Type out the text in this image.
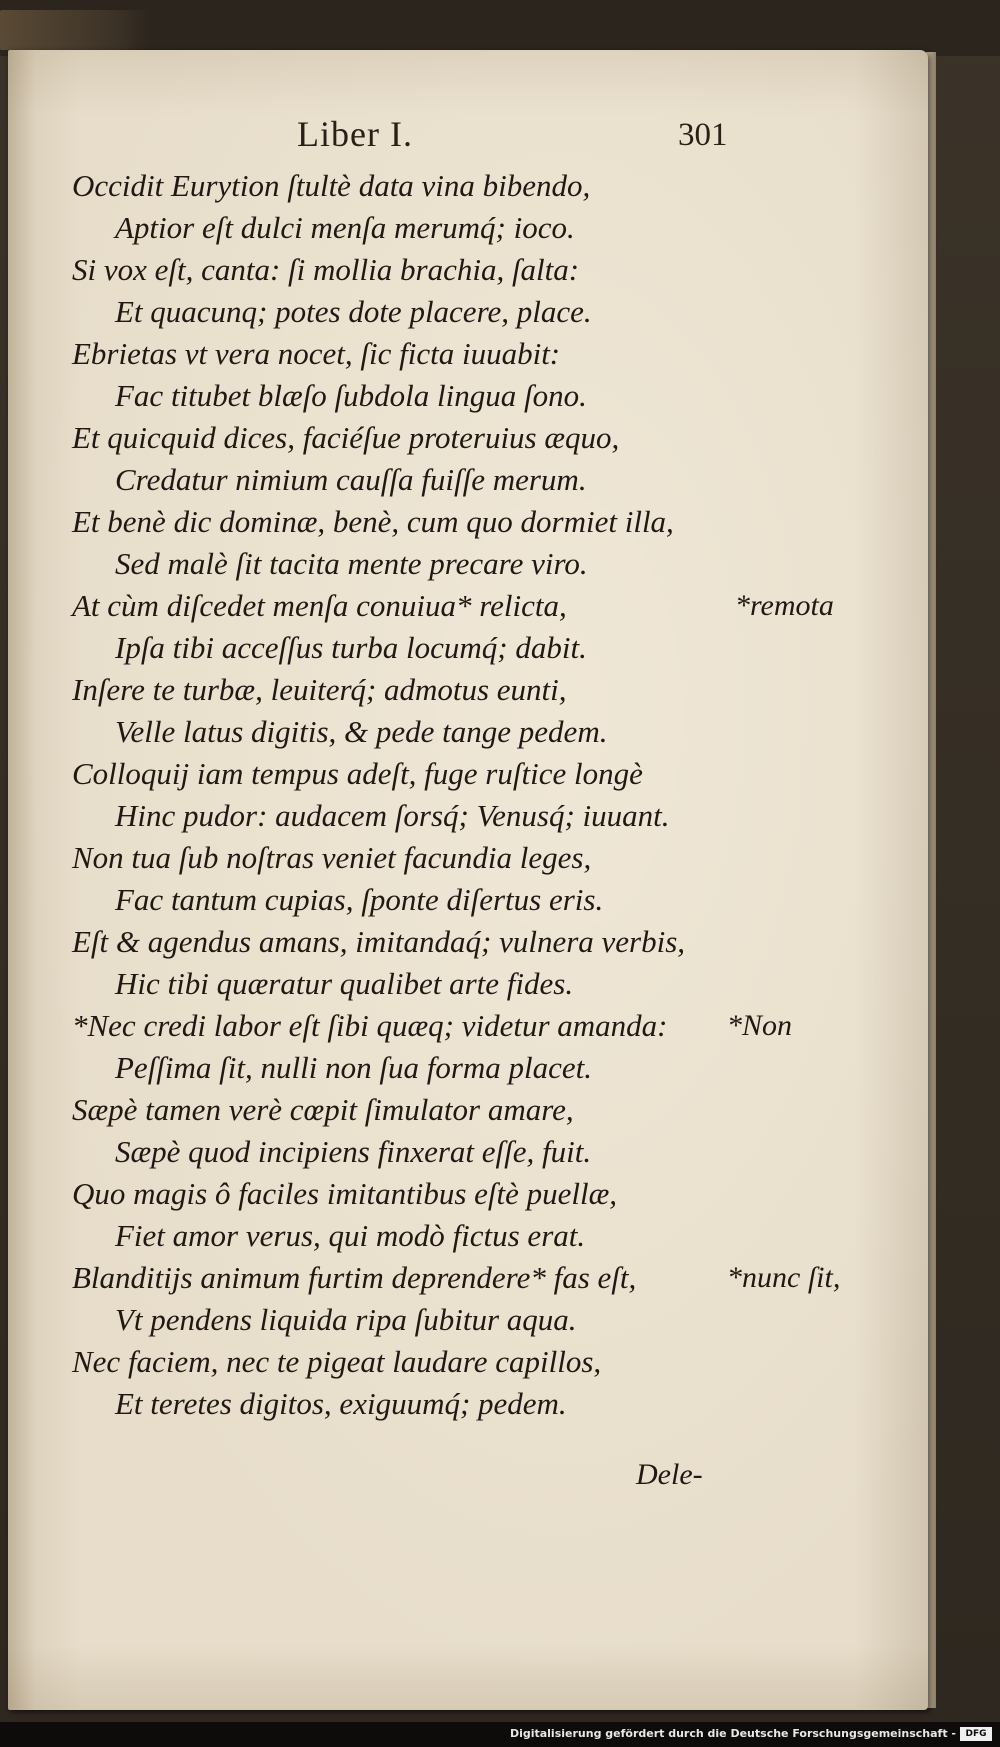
Liber I.	301
Occidit Eurytion ſtultè data vina bibendo,
Aptior eſt dulci menſa merumq́; ioco.
Si vox eſt, canta: ſi mollia brachia, ſalta:
Et quacunq; potes dote placere, place.
Ebrietas vt vera nocet, ſic ficta iuuabit:
Fac titubet blæſo ſubdola lingua ſono.
Et quicquid dices, faciéſue proteruius æquo,
Credatur nimium cauſſa fuiſſe merum.
Et benè dic dominæ, benè, cum quo dormiet illa,
Sed malè ſit tacita mente precare viro.
At cùm diſcedet menſa conuiua* relicta,
Ipſa tibi acceſſus turba locumq́; dabit.
Inſere te turbæ, leuiterq́; admotus eunti,
Velle latus digitis, & pede tange pedem.
Colloquij iam tempus adeſt, fuge ruſtice longè
Hinc pudor: audacem ſorsq́; Venusq́; iuuant.
Non tua ſub noſtras veniet facundia leges,
Fac tantum cupias, ſponte diſertus eris.
Eſt & agendus amans, imitandaq́; vulnera verbis,
Hic tibi quæratur qualibet arte fides.
*Nec credi labor eſt ſibi quæq; videtur amanda:
Peſſima ſit, nulli non ſua forma placet.
Sæpè tamen verè cœpit ſimulator amare,
Sæpè quod incipiens finxerat eſſe, fuit.
Quo magis ô faciles imitantibus eſtè puellæ,
Fiet amor verus, qui modò fictus erat.
Blanditijs animum furtim deprendere* fas eſt,
Vt pendens liquida ripa ſubitur aqua.
Nec faciem, nec te pigeat laudare capillos,
Et teretes digitos, exiguumq́; pedem.
*remota
*Non
*nunc ſit,
Dele-
Digitalisierung gefördert durch die Deutsche Forschungsgemeinschaft -	DFG
